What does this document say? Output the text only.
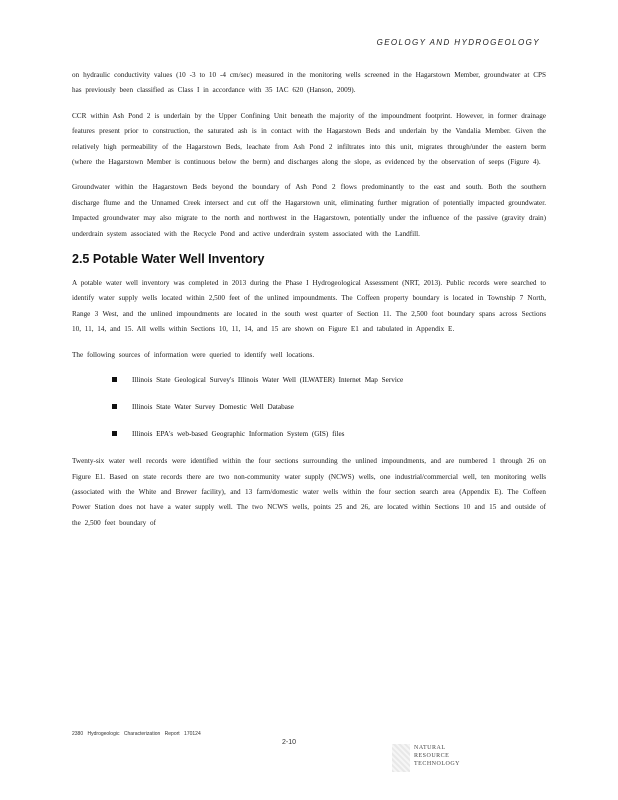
GEOLOGY AND HYDROGEOLOGY

on hydraulic conductivity values (10 -3 to 10 -4 cm/sec) measured in the monitoring wells screened in the Hagarstown Member, groundwater at CPS has previously been classified as Class I in accordance with 35 IAC 620 (Hanson, 2009).

CCR within Ash Pond 2 is underlain by the Upper Confining Unit beneath the majority of the impoundment footprint. However, in former drainage features present prior to construction, the saturated ash is in contact with the Hagarstown Beds and underlain by the Vandalia Member. Given the relatively high permeability of the Hagarstown Beds, leachate from Ash Pond 2 infiltrates into this unit, migrates through/under the eastern berm (where the Hagarstown Member is continuous below the berm) and discharges along the slope, as evidenced by the observation of seeps (Figure 4).

Groundwater within the Hagarstown Beds beyond the boundary of Ash Pond 2 flows predominantly to the east and south. Both the southern discharge flume and the Unnamed Creek intersect and cut off the Hagarstown unit, eliminating further migration of potentially impacted groundwater. Impacted groundwater may also migrate to the north and northwest in the Hagarstown, potentially under the influence of the passive (gravity drain) underdrain system associated with the Recycle Pond and active underdrain system associated with the Landfill.

2.5 Potable Water Well Inventory

A potable water well inventory was completed in 2013 during the Phase I Hydrogeological Assessment (NRT, 2013). Public records were searched to identify water supply wells located within 2,500 feet of the unlined impoundments. The Coffeen property boundary is located in Township 7 North, Range 3 West, and the unlined impoundments are located in the south west quarter of Section 11. The 2,500 foot boundary spans across Sections 10, 11, 14, and 15. All wells within Sections 10, 11, 14, and 15 are shown on Figure E1 and tabulated in Appendix E.

The following sources of information were queried to identify well locations.

Illinois State Geological Survey's Illinois Water Well (ILWATER) Internet Map Service
Illinois State Water Survey Domestic Well Database
Illinois EPA's web-based Geographic Information System (GIS) files

Twenty-six water well records were identified within the four sections surrounding the unlined impoundments, and are numbered 1 through 26 on Figure E1. Based on state records there are two non-community water supply (NCWS) wells, one industrial/commercial well, ten monitoring wells (associated with the White and Brewer facility), and 13 farm/domestic water wells within the four section search area (Appendix E). The Coffeen Power Station does not have a water supply well. The two NCWS wells, points 25 and 26, are located within Sections 10 and 15 and outside of the 2,500 feet boundary of

2380 Hydrogeologic Characterization Report 170124
2-10
NATURAL
RESOURCE
TECHNOLOGY
